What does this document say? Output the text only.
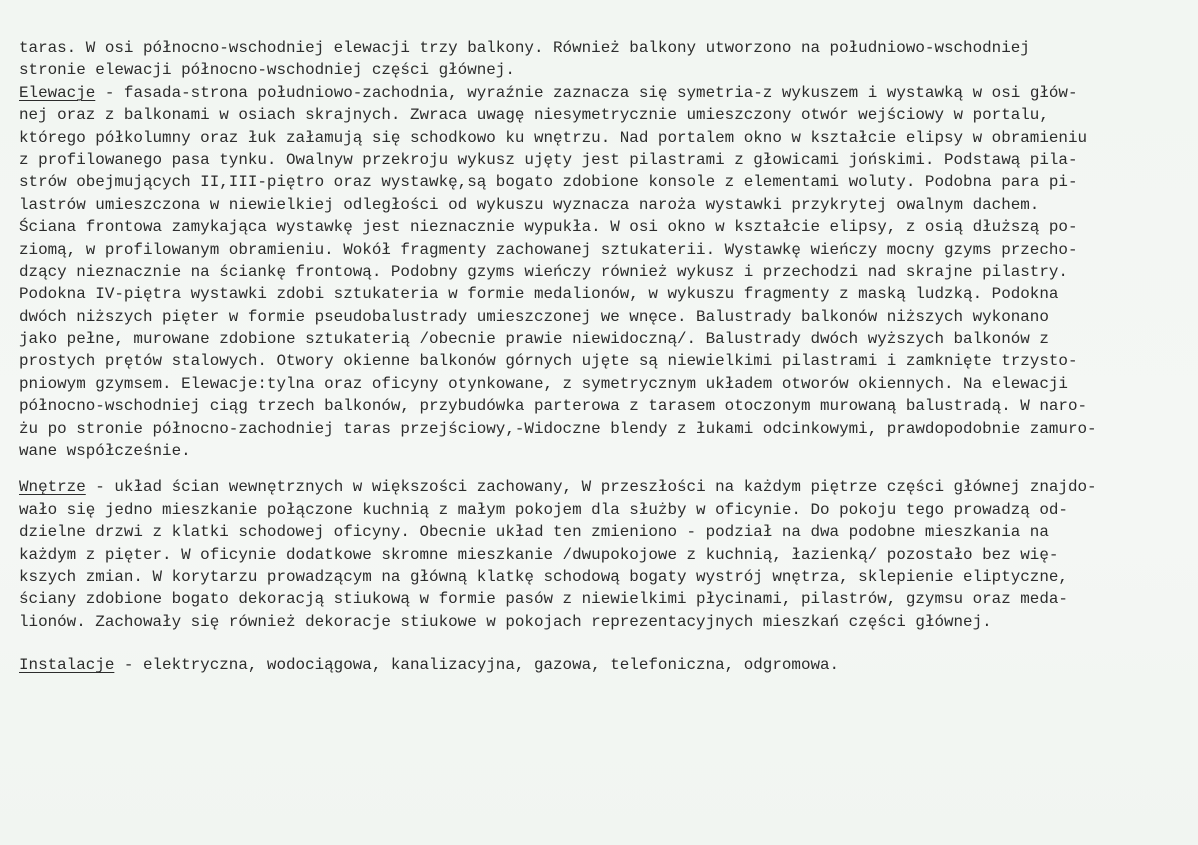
taras. W osi północno-wschodniej elewacji trzy balkony. Również balkony utworzono na południowo-wschodniej
stronie elewacji północno-wschodniej części głównej.
Elewacje - fasada-strona południowo-zachodnia, wyraźnie zaznacza się symetria-z wykuszem i wystawką w osi głów-
nej oraz z balkonami w osiach skrajnych. Zwraca uwagę niesymetrycznie umieszczony otwór wejściowy w portalu,
którego półkolumny oraz łuk załamują się schodkowo ku wnętrzu. Nad portalem okno w kształcie elipsy w obramieniu
z profilowanego pasa tynku. Owalnyw przekroju wykusz ujęty jest pilastrami z głowicami jońskimi. Podstawą pila-
strów obejmujących II,III-piętro oraz wystawkę,są bogato zdobione konsole z elementami woluty. Podobna para pi-
lastrów umieszczona w niewielkiej odległości od wykuszu wyznacza naroża wystawki przykrytej owalnym dachem.
Ściana frontowa zamykająca wystawkę jest nieznacznie wypukła. W osi okno w kształcie elipsy, z osią dłuższą po-
ziomą, w profilowanym obramieniu. Wokół fragmenty zachowanej sztukaterii. Wystawkę wieńczy mocny gzyms przecho-
dzący nieznacznie na ściankę frontową. Podobny gzyms wieńczy również wykusz i przechodzi nad skrajne pilastry.
Podokna IV-piętra wystawki zdobi sztukateria w formie medalionów, w wykuszu fragmenty z maską ludzką. Podokna
dwóch niższych pięter w formie pseudobalustrady umieszczonej we wnęce. Balustrady balkonów niższych wykonano
jako pełne, murowane zdobione sztukaterią /obecnie prawie niewidoczną/. Balustrady dwóch wyższych balkonów z
prostych prętów stalowych. Otwory okienne balkonów górnych ujęte są niewielkimi pilastrami i zamknięte trzysto-
pniowym gzymsem. Elewacje:tylna oraz oficyny otynkowane, z symetrycznym układem otworów okiennych. Na elewacji
północno-wschodniej ciąg trzech balkonów, przybudówka parterowa z tarasem otoczonym murowaną balustradą. W naro-
żu po stronie północno-zachodniej taras przejściowy,-Widoczne blendy z łukami odcinkowymi, prawdopodobnie zamuro-
wane współcześnie.
Wnętrze - układ ścian wewnętrznych w większości zachowany, W przeszłości na każdym piętrze części głównej znajdo-
wało się jedno mieszkanie połączone kuchnią z małym pokojem dla służby w oficynie. Do pokoju tego prowadzą od-
dzielne drzwi z klatki schodowej oficyny. Obecnie układ ten zmieniono - podział na dwa podobne mieszkania na
każdym z pięter. W oficynie dodatkowe skromne mieszkanie /dwupokojowe z kuchnią, łazienką/ pozostało bez wię-
kszych zmian. W korytarzu prowadzącym na główną klatkę schodową bogaty wystrój wnętrza, sklepienie eliptyczne,
ściany zdobione bogato dekoracją stiukową w formie pasów z niewielkimi płycinami, pilastrów, gzymsu oraz meda-
lionów. Zachowały się również dekoracje stiukowe w pokojach reprezentacyjnych mieszkań części głównej.
Instalacje - elektryczna, wodociągowa, kanalizacyjna, gazowa, telefoniczna, odgromowa.
